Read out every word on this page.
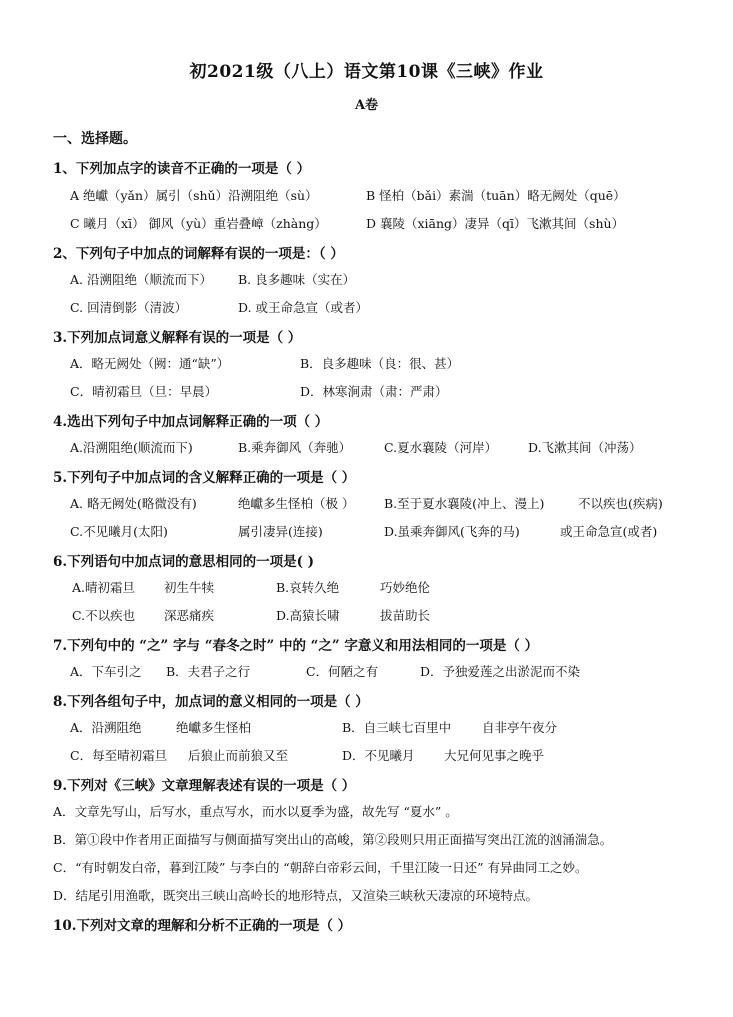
初2021级（八上）语文第10课《三峡》作业
A卷
一、选择题。
1、下列加点字的读音不正确的一项是（ ）
A 绝巘（yǎn）属引（shǔ）沿溯阻绝（sù）	B 怪柏（bǎi）素湍（tuān）略无阙处（quē）
C 曦月（xī） 御风（yù）重岩叠嶂（zhàng）	D 襄陵（xiāng）凄异（qī）飞漱其间（shù）
2、下列句子中加点的词解释有误的一项是：（ ）
A. 沿溯阻绝（顺流而下） B. 良多趣味（实在）
C. 回清倒影（清波）	D. 或王命急宣（或者）
3.下列加点词意义解释有误的一项是（ ）
A．略无阙处（阙：通“缺”）	B．良多趣味（良：很、甚）
C．晴初霜旦（旦：早晨）	D．林寒涧肃（肃：严肃）
4.选出下列句子中加点词解释正确的一项（ ）
A.沿溯阻绝(顺流而下)	B.乘奔御风（奔驰）	C.夏水襄陵（河岸） D.飞漱其间（冲荡）
5.下列句子中加点词的含义解释正确的一项是（ ）
A. 略无阙处(略微没有)	绝巘多生怪柏（极 ） B.至于夏水襄陵(冲上、漫上)	不以疾也(疾病)
C.不见曦月(太阳)	属引凄异(连接)	D.虽乘奔御风(飞奔的马)	或王命急宣(或者)
6.下列语句中加点词的意思相同的一项是( )
A.晴初霜旦 初生牛犊	B.哀转久绝	巧妙绝伦
C.不以疾也 深恶痛疾	D.高猿长啸	拔苗助长
7.下列句中的 “之” 字与 “春冬之时” 中的 “之” 字意义和用法相同的一项是（ ）
A．下车引之 B．夫君子之行	C．何陋之有	D．予独爱莲之出淤泥而不染
8.下列各组句子中，加点词的意义相同的一项是（ ）
A．沿溯阻绝	绝巘多生怪柏	B．自三峡七百里中 自非亭午夜分
C．每至晴初霜旦 后狼止而前狼又至	D．不见曦月 大兄何见事之晚乎
9.下列对《三峡》文章理解表述有误的一项是（ ）
A．文章先写山，后写水，重点写水，而水以夏季为盛，故先写 “夏水” 。
B．第①段中作者用正面描写与侧面描写突出山的高峻，第②段则只用正面描写突出江流的汹涌湍急。
C．“有时朝发白帝，暮到江陵” 与李白的 “朝辞白帝彩云间，千里江陵一日还” 有异曲同工之妙。
D．结尾引用渔歌，既突出三峡山高岭长的地形特点，又渲染三峡秋天凄凉的环境特点。
10.下列对文章的理解和分析不正确的一项是（ ）
